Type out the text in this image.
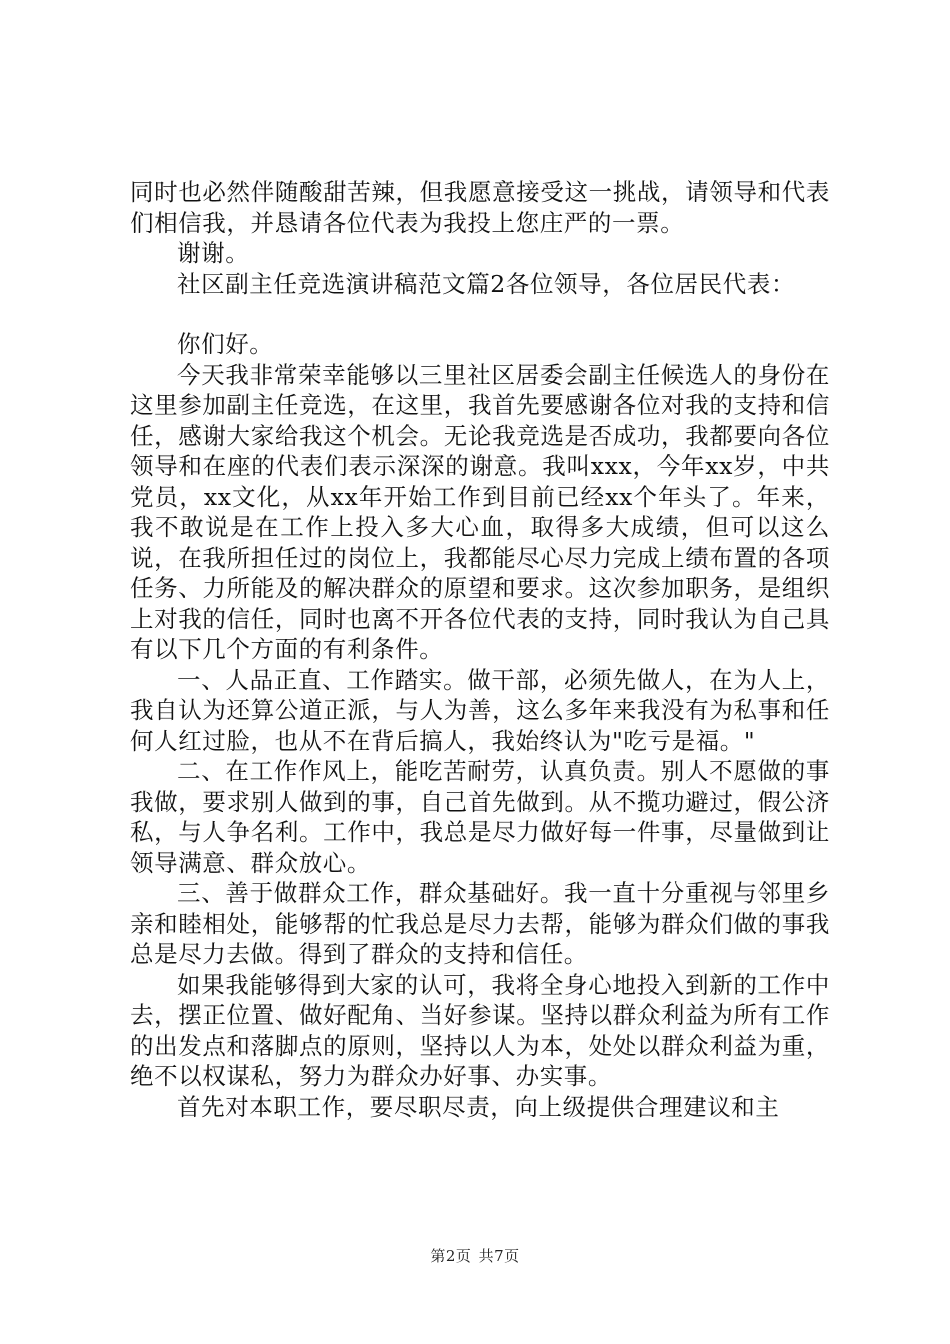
同时也必然伴随酸甜苦辣，但我愿意接受这一挑战，请领导和代表们相信我，并恳请各位代表为我投上您庄严的一票。

谢谢。

社区副主任竞选演讲稿范文篇2各位领导，各位居民代表：

你们好。

今天我非常荣幸能够以三里社区居委会副主任候选人的身份在这里参加副主任竞选，在这里，我首先要感谢各位对我的支持和信任，感谢大家给我这个机会。无论我竞选是否成功，我都要向各位领导和在座的代表们表示深深的谢意。我叫xxx，今年xx岁，中共党员，xx文化，从xx年开始工作到目前已经xx个年头了。年来，我不敢说是在工作上投入多大心血，取得多大成绩，但可以这么说，在我所担任过的岗位上，我都能尽心尽力完成上绩布置的各项任务、力所能及的解决群众的原望和要求。这次参加职务，是组织上对我的信任，同时也离不开各位代表的支持，同时我认为自己具有以下几个方面的有利条件。

一、人品正直、工作踏实。做干部，必须先做人，在为人上，我自认为还算公道正派，与人为善，这么多年来我没有为私事和任何人红过脸，也从不在背后搞人，我始终认为"吃亏是福。"

二、在工作作风上，能吃苦耐劳，认真负责。别人不愿做的事我做，要求别人做到的事，自己首先做到。从不揽功避过，假公济私，与人争名利。工作中，我总是尽力做好每一件事，尽量做到让领导满意、群众放心。

三、善于做群众工作，群众基础好。我一直十分重视与邻里乡亲和睦相处，能够帮的忙我总是尽力去帮，能够为群众们做的事我总是尽力去做。得到了群众的支持和信任。

如果我能够得到大家的认可，我将全身心地投入到新的工作中去，摆正位置、做好配角、当好参谋。坚持以群众利益为所有工作的出发点和落脚点的原则，坚持以人为本，处处以群众利益为重，绝不以权谋私，努力为群众办好事、办实事。

首先对本职工作，要尽职尽责，向上级提供合理建议和主

第2页 共7页
